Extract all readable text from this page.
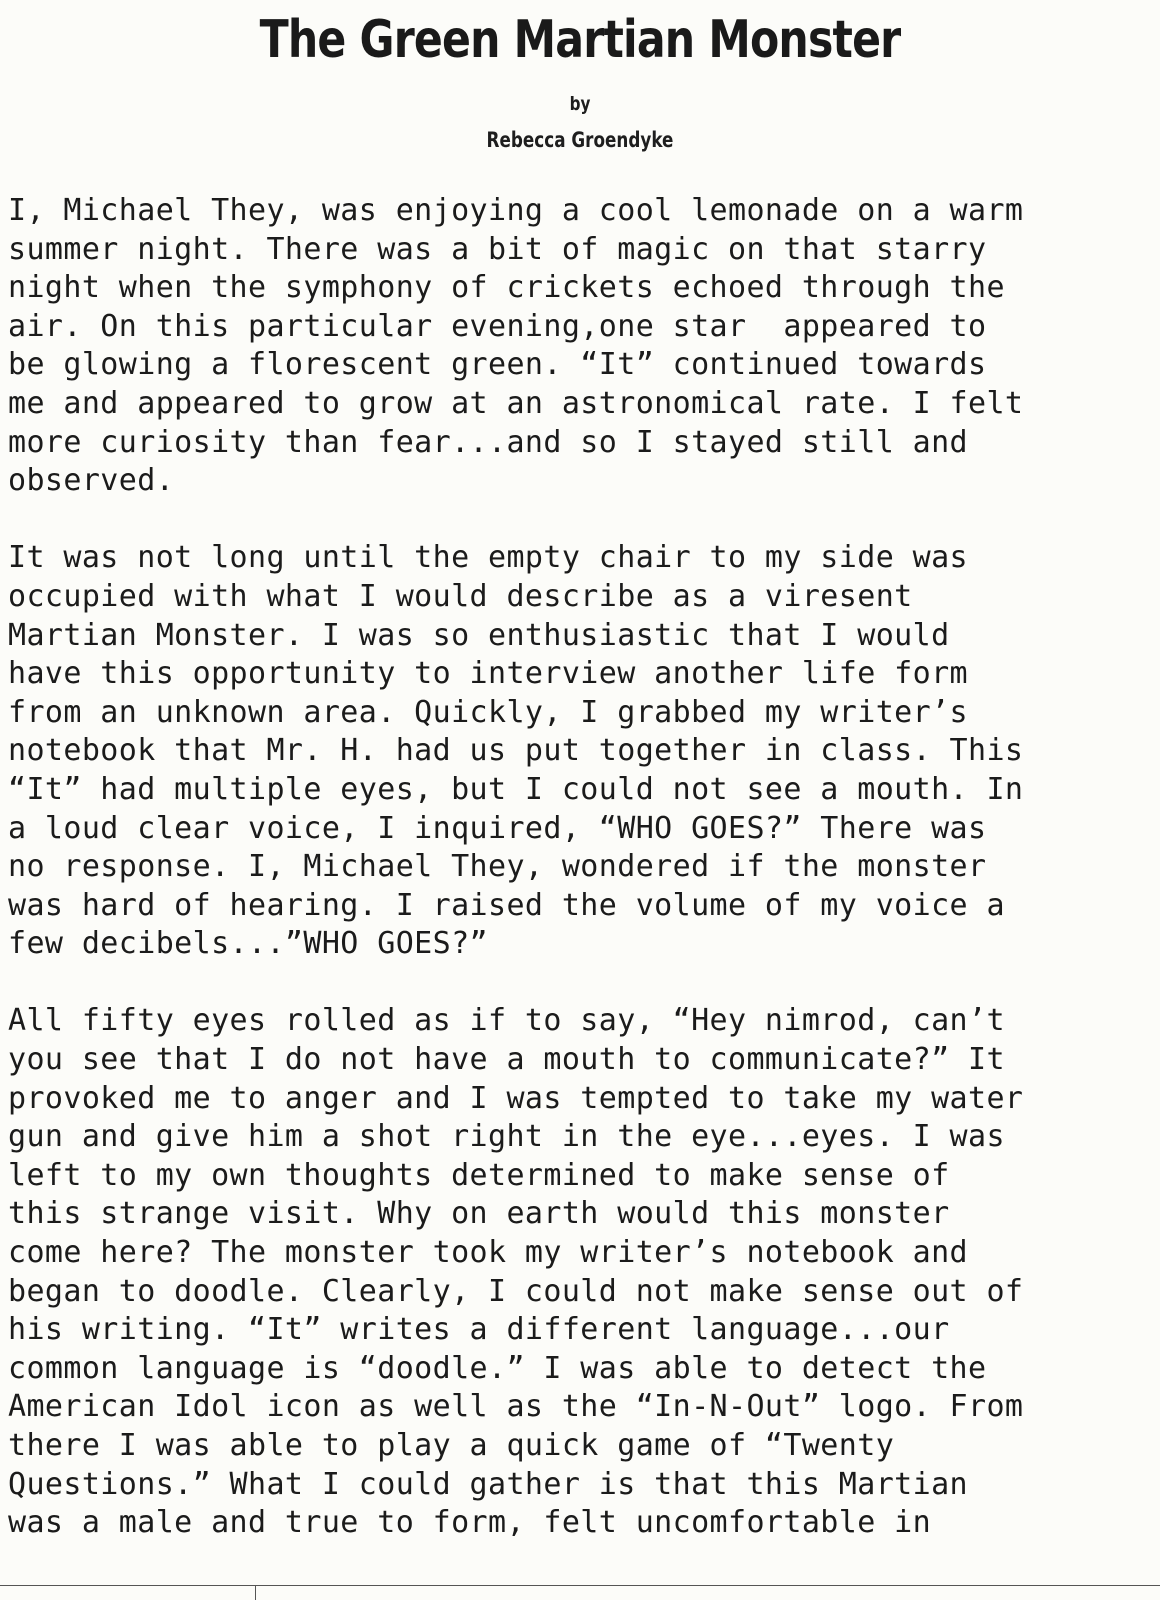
The Green Martian Monster
by
Rebecca Groendyke
I, Michael They, was enjoying a cool lemonade on a warm
summer night. There was a bit of magic on that starry
night when the symphony of crickets echoed through the
air. On this particular evening,one star  appeared to
be glowing a florescent green. “It” continued towards
me and appeared to grow at an astronomical rate. I felt
more curiosity than fear...and so I stayed still and
observed.
It was not long until the empty chair to my side was
occupied with what I would describe as a viresent
Martian Monster. I was so enthusiastic that I would
have this opportunity to interview another life form
from an unknown area. Quickly, I grabbed my writer’s
notebook that Mr. H. had us put together in class. This
“It” had multiple eyes, but I could not see a mouth. In
a loud clear voice, I inquired, “WHO GOES?” There was
no response. I, Michael They, wondered if the monster
was hard of hearing. I raised the volume of my voice a
few decibels...”WHO GOES?”
All fifty eyes rolled as if to say, “Hey nimrod, can’t
you see that I do not have a mouth to communicate?” It
provoked me to anger and I was tempted to take my water
gun and give him a shot right in the eye...eyes. I was
left to my own thoughts determined to make sense of
this strange visit. Why on earth would this monster
come here? The monster took my writer’s notebook and
began to doodle. Clearly, I could not make sense out of
his writing. “It” writes a different language...our
common language is “doodle.” I was able to detect the
American Idol icon as well as the “In-N-Out” logo. From
there I was able to play a quick game of “Twenty
Questions.” What I could gather is that this Martian
was a male and true to form, felt uncomfortable in
